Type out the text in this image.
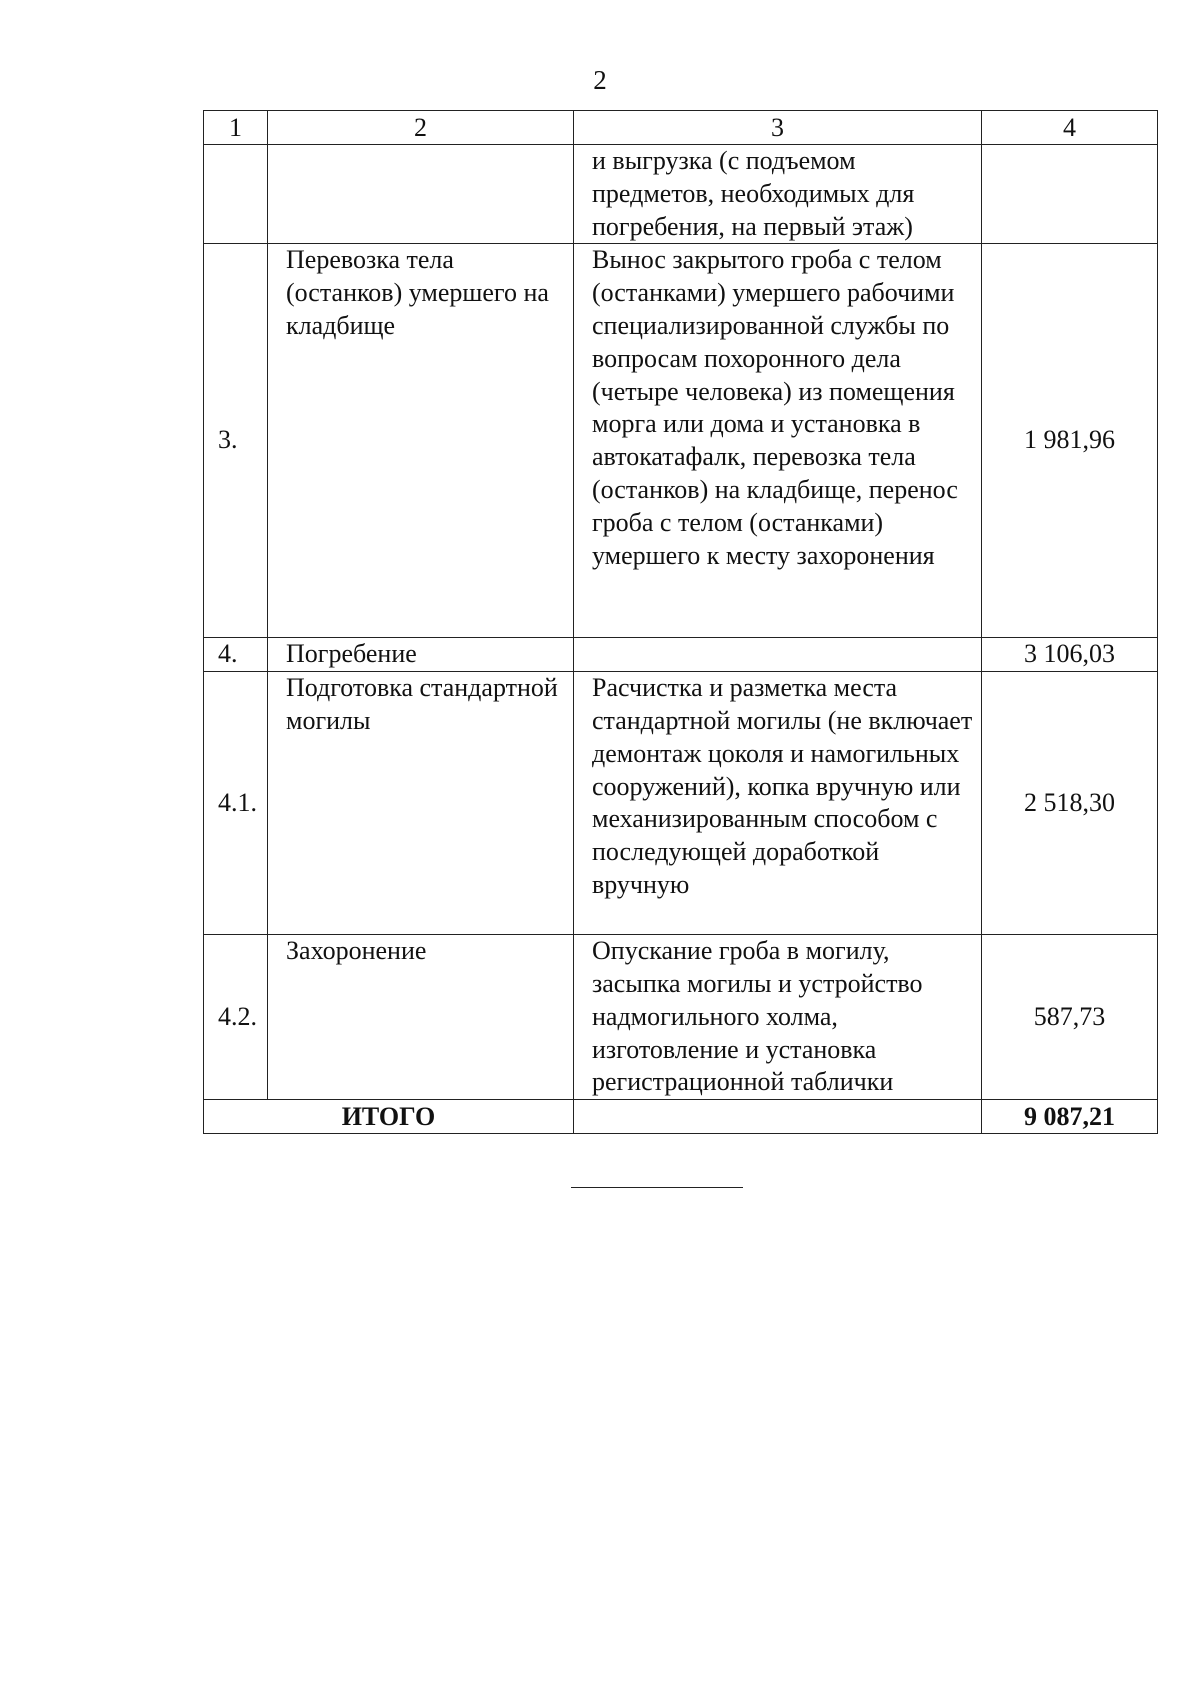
2
1	2	3	4
		и выгрузка (с подъемом предметов, необходимых для погребения, на первый этаж)	
3.	Перевозка тела (останков) умершего на кладбище	Вынос закрытого гроба с телом (останками) умершего рабочими специализированной службы по вопросам похоронного дела (четыре человека) из помещения морга или дома и установка в автокатафалк, перевозка тела (останков) на кладбище, перенос гроба с телом (останками) умершего к месту захоронения	1 981,96
4.	Погребение		3 106,03
4.1.	Подготовка стандартной могилы	Расчистка и разметка места стандартной могилы (не включает демонтаж цоколя и намогильных сооружений), копка вручную или механизированным способом с последующей доработкой вручную	2 518,30
4.2.	Захоронение	Опускание гроба в могилу, засыпка могилы и устройство надмогильного холма, изготовление и установка регистрационной таблички	587,73
ИТОГО			9 087,21
